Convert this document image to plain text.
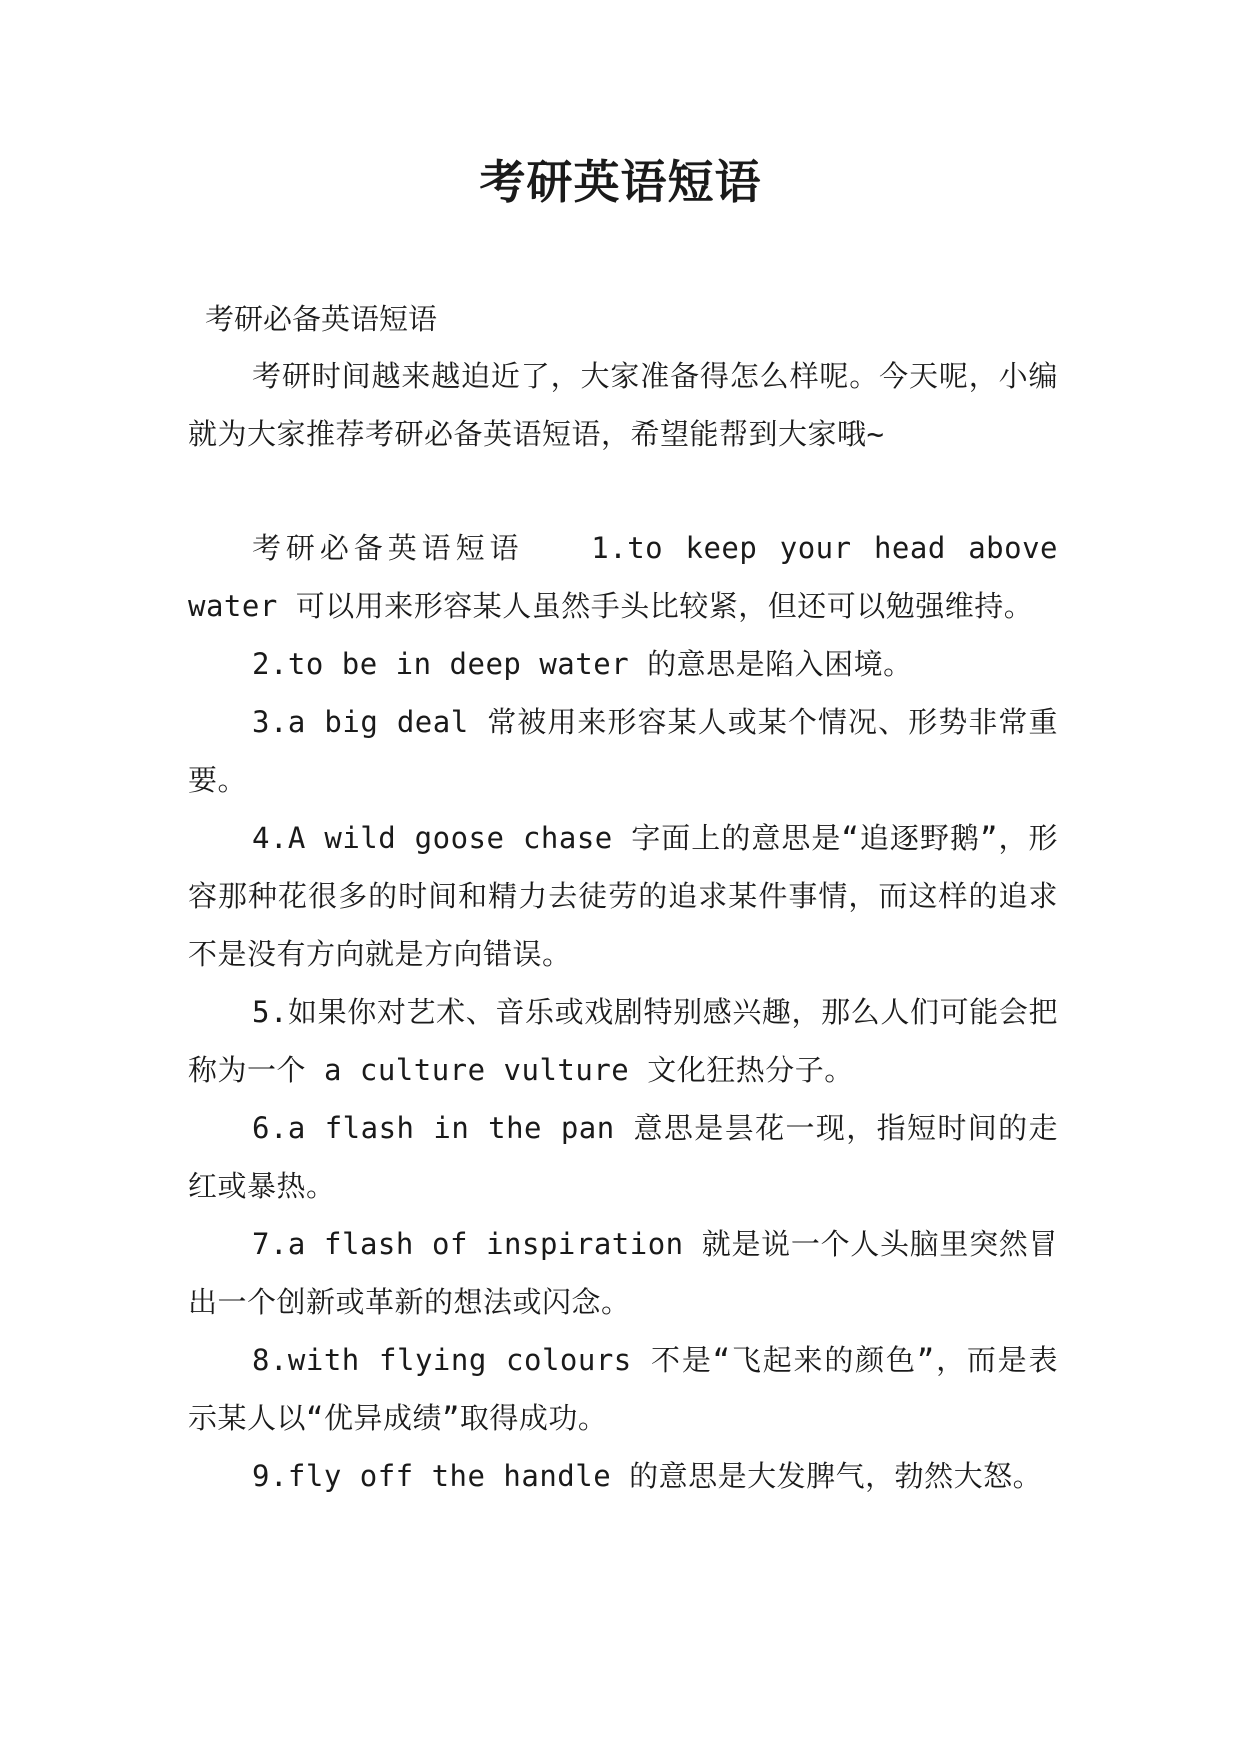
考研英语短语
考研必备英语短语

考研时间越来越迫近了，大家准备得怎么样呢。今天呢，小编就为大家推荐考研必备英语短语，希望能帮到大家哦~

考研必备英语短语　　1.to keep your head above water 可以用来形容某人虽然手头比较紧，但还可以勉强维持。

2.to be in deep water 的意思是陷入困境。

3.a big deal 常被用来形容某人或某个情况、形势非常重要。

4.A wild goose chase 字面上的意思是“追逐野鹅”，形容那种花很多的时间和精力去徒劳的追求某件事情，而这样的追求不是没有方向就是方向错误。

5.如果你对艺术、音乐或戏剧特别感兴趣，那么人们可能会把称为一个 a culture vulture 文化狂热分子。

6.a flash in the pan 意思是昙花一现，指短时间的走红或暴热。

7.a flash of inspiration 就是说一个人头脑里突然冒出一个创新或革新的想法或闪念。

8.with flying colours 不是“飞起来的颜色”，而是表示某人以“优异成绩”取得成功。

9.fly off the handle 的意思是大发脾气，勃然大怒。
